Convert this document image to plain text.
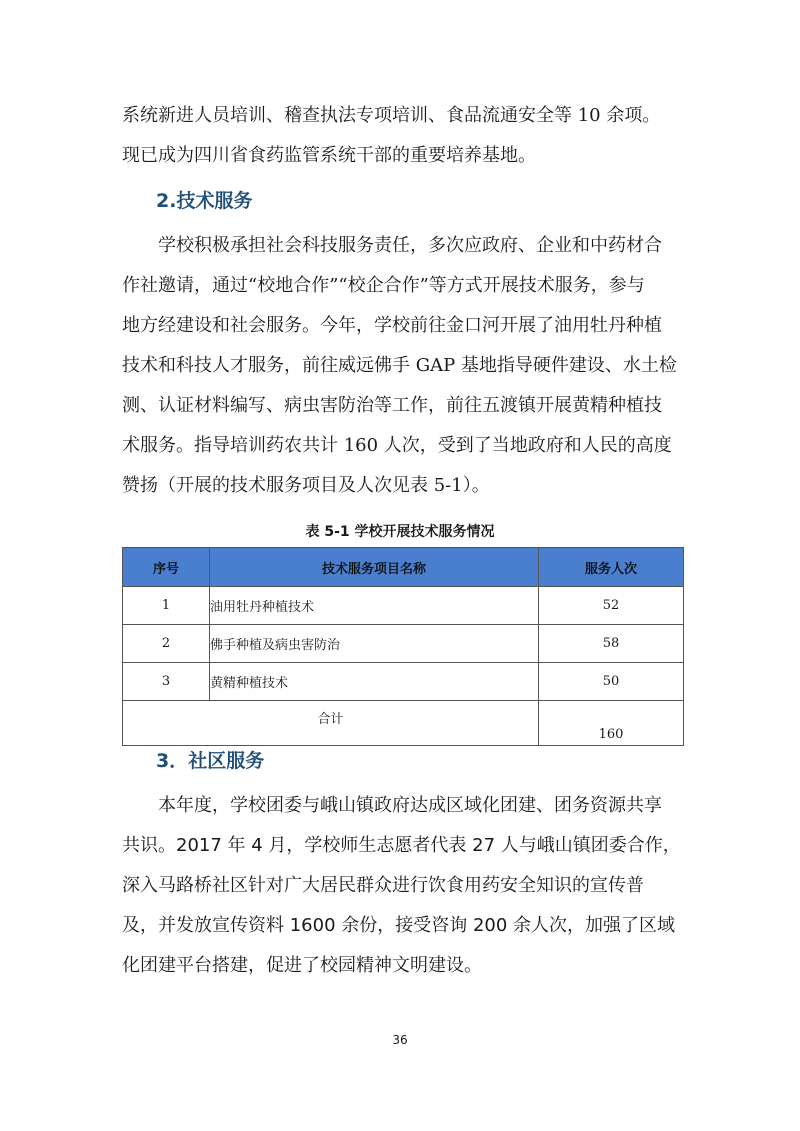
系统新进人员培训、稽查执法专项培训、食品流通安全等 10 余项。
现已成为四川省食药监管系统干部的重要培养基地。

2.技术服务

　　学校积极承担社会科技服务责任，多次应政府、企业和中药材合
作社邀请，通过“校地合作”“校企合作”等方式开展技术服务，参与
地方经建设和社会服务。今年，学校前往金口河开展了油用牡丹种植
技术和科技人才服务，前往威远佛手 GAP 基地指导硬件建设、水土检
测、认证材料编写、病虫害防治等工作，前往五渡镇开展黄精种植技
术服务。指导培训药农共计 160 人次，受到了当地政府和人民的高度
赞扬（开展的技术服务项目及人次见表 5-1）。

表 5-1 学校开展技术服务情况
序号	技术服务项目名称	服务人次
1	油用牡丹种植技术	52
2	佛手种植及病虫害防治	58
3	黄精种植技术	50
合计		160
3．社区服务

　　本年度，学校团委与峨山镇政府达成区域化团建、团务资源共享
共识。2017 年 4 月，学校师生志愿者代表 27 人与峨山镇团委合作，
深入马路桥社区针对广大居民群众进行饮食用药安全知识的宣传普
及，并发放宣传资料 1600 余份，接受咨询 200 余人次，加强了区域
化团建平台搭建，促进了校园精神文明建设。

36
